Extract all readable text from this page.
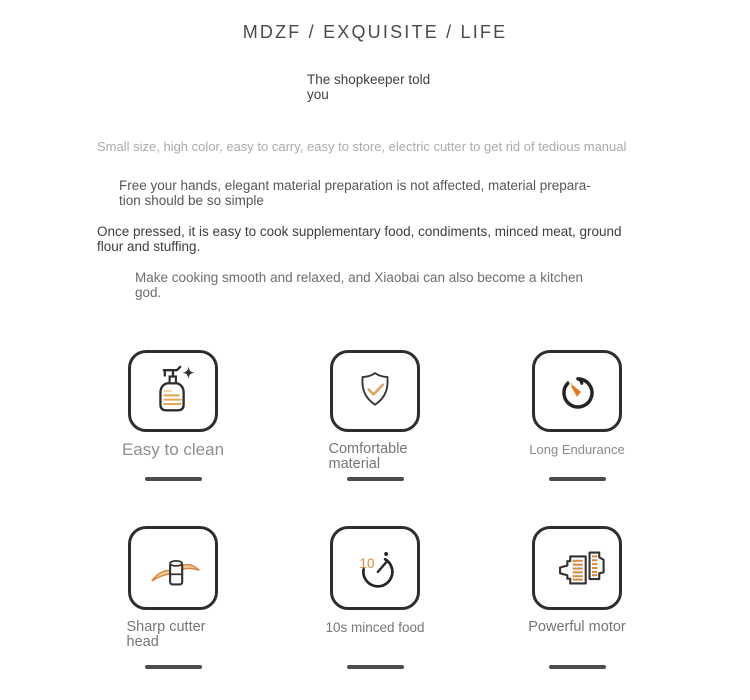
MDZF / EXQUISITE / LIFE
The shopkeeper told
you
Small size, high color, easy to carry, easy to store, electric cutter to get rid of tedious manual
Free your hands, elegant material preparation is not affected, material prepara-
tion should be so simple
Once pressed, it is easy to cook supplementary food, condiments, minced meat, ground
flour and stuffing.
Make cooking smooth and relaxed, and Xiaobai can also become a kitchen
god.
Easy to clean	Comfortable
material
Long Endurance
Sharp cutter
head
10
10s minced food	Powerful motor
